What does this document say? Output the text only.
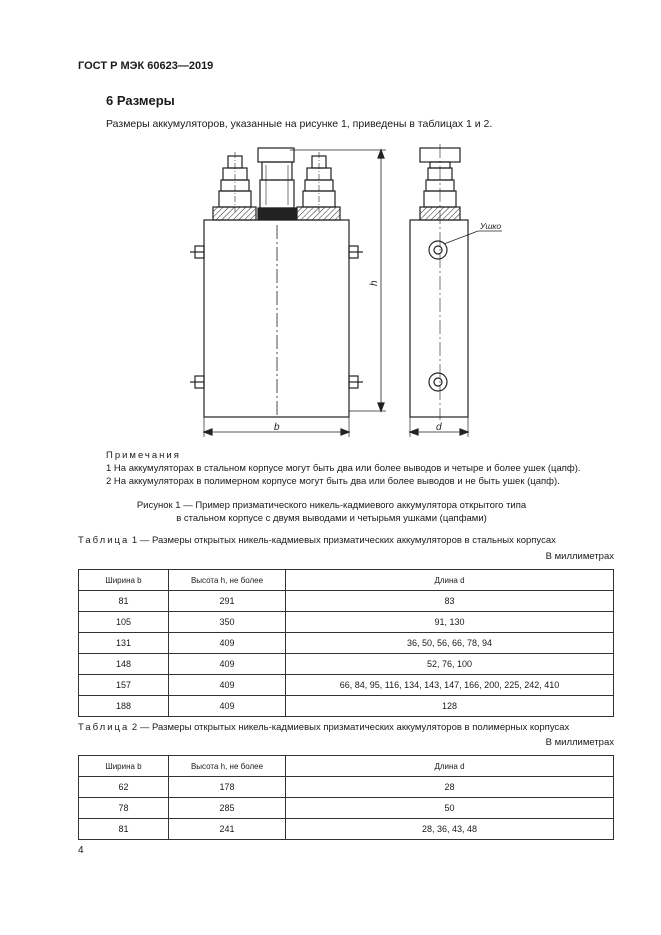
ГОСТ Р МЭК 60623—2019
6 Размеры
Размеры аккумуляторов, указанные на рисунке 1, приведены в таблицах 1 и 2.
h
b	d
Ушко
Примечания
1 На аккумуляторах в стальном корпусе могут быть два или более выводов и четыре и более ушек (цапф).
2 На аккумуляторах в полимерном корпусе могут быть два или более выводов и не быть ушек (цапф).
Рисунок 1 — Пример призматического никель-кадмиевого аккумулятора открытого типа
в стальном корпусе с двумя выводами и четырьмя ушками (цапфами)
Таблица 1 — Размеры открытых никель-кадмиевых призматических аккумуляторов в стальных корпусах
В миллиметрах
Ширина b	Высота h, не более	Длина d
81	291	83
105	350	91, 130
131	409	36, 50, 56, 66, 78, 94
148	409	52, 76, 100
157	409	66, 84, 95, 116, 134, 143, 147, 166, 200, 225, 242, 410
188	409	128
Таблица 2 — Размеры открытых никель-кадмиевых призматических аккумуляторов в полимерных корпусах
В миллиметрах
Ширина b	Высота h, не более	Длина d
62	178	28
78	285	50
81	241	28, 36, 43, 48
4
